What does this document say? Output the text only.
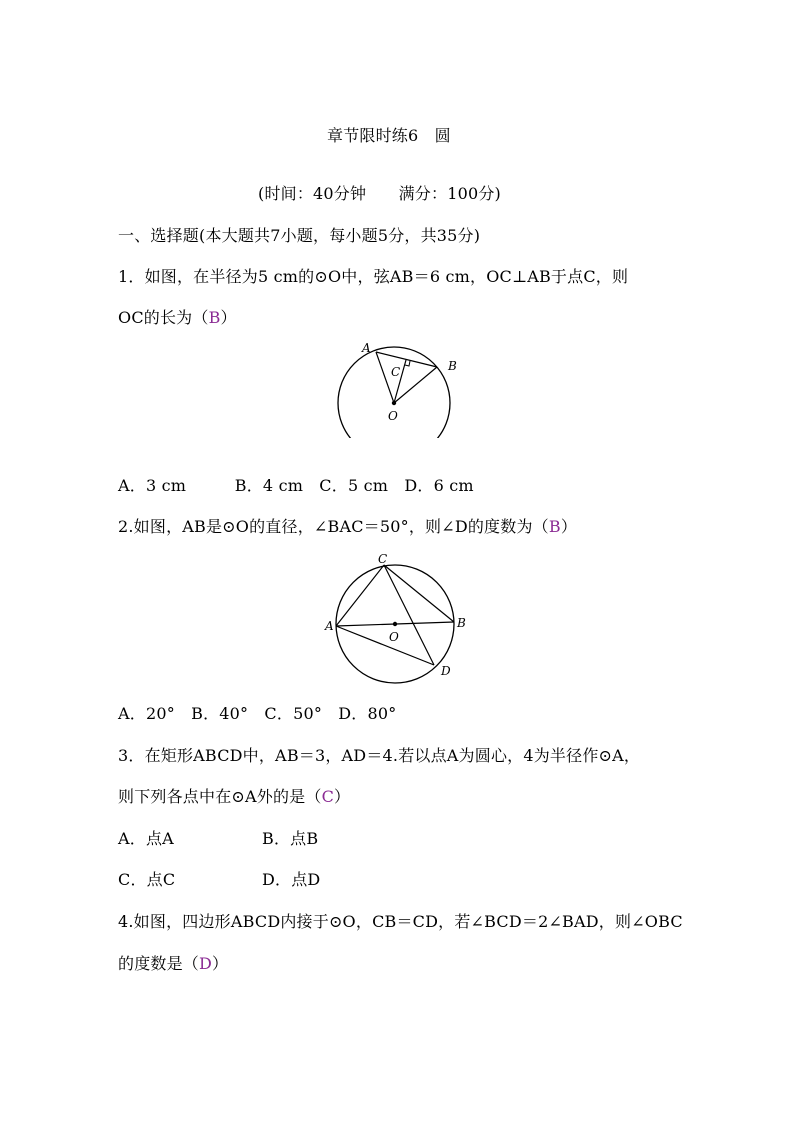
章节限时练6　圆
(时间：40分钟　　满分：100分)
一、选择题(本大题共7小题，每小题5分，共35分)
1．如图，在半径为5 cm的⊙O中，弦AB＝6 cm，OC⊥AB于点C，则
OC的长为（B）
A
B
C
O
A．3 cm　　　B．4 cm　C．5 cm　D．6 cm
2.如图，AB是⊙O的直径，∠BAC＝50°，则∠D的度数为（B）
C
A	B
O
D
A．20°　B．40°　C．50°　D．80°
3．在矩形ABCD中，AB＝3，AD＝4.若以点A为圆心，4为半径作⊙A，
则下列各点中在⊙A外的是（C）
A．点A	B．点B
C．点C	D．点D
4.如图，四边形ABCD内接于⊙O，CB＝CD，若∠BCD＝2∠BAD，则∠OBC
的度数是（D）
